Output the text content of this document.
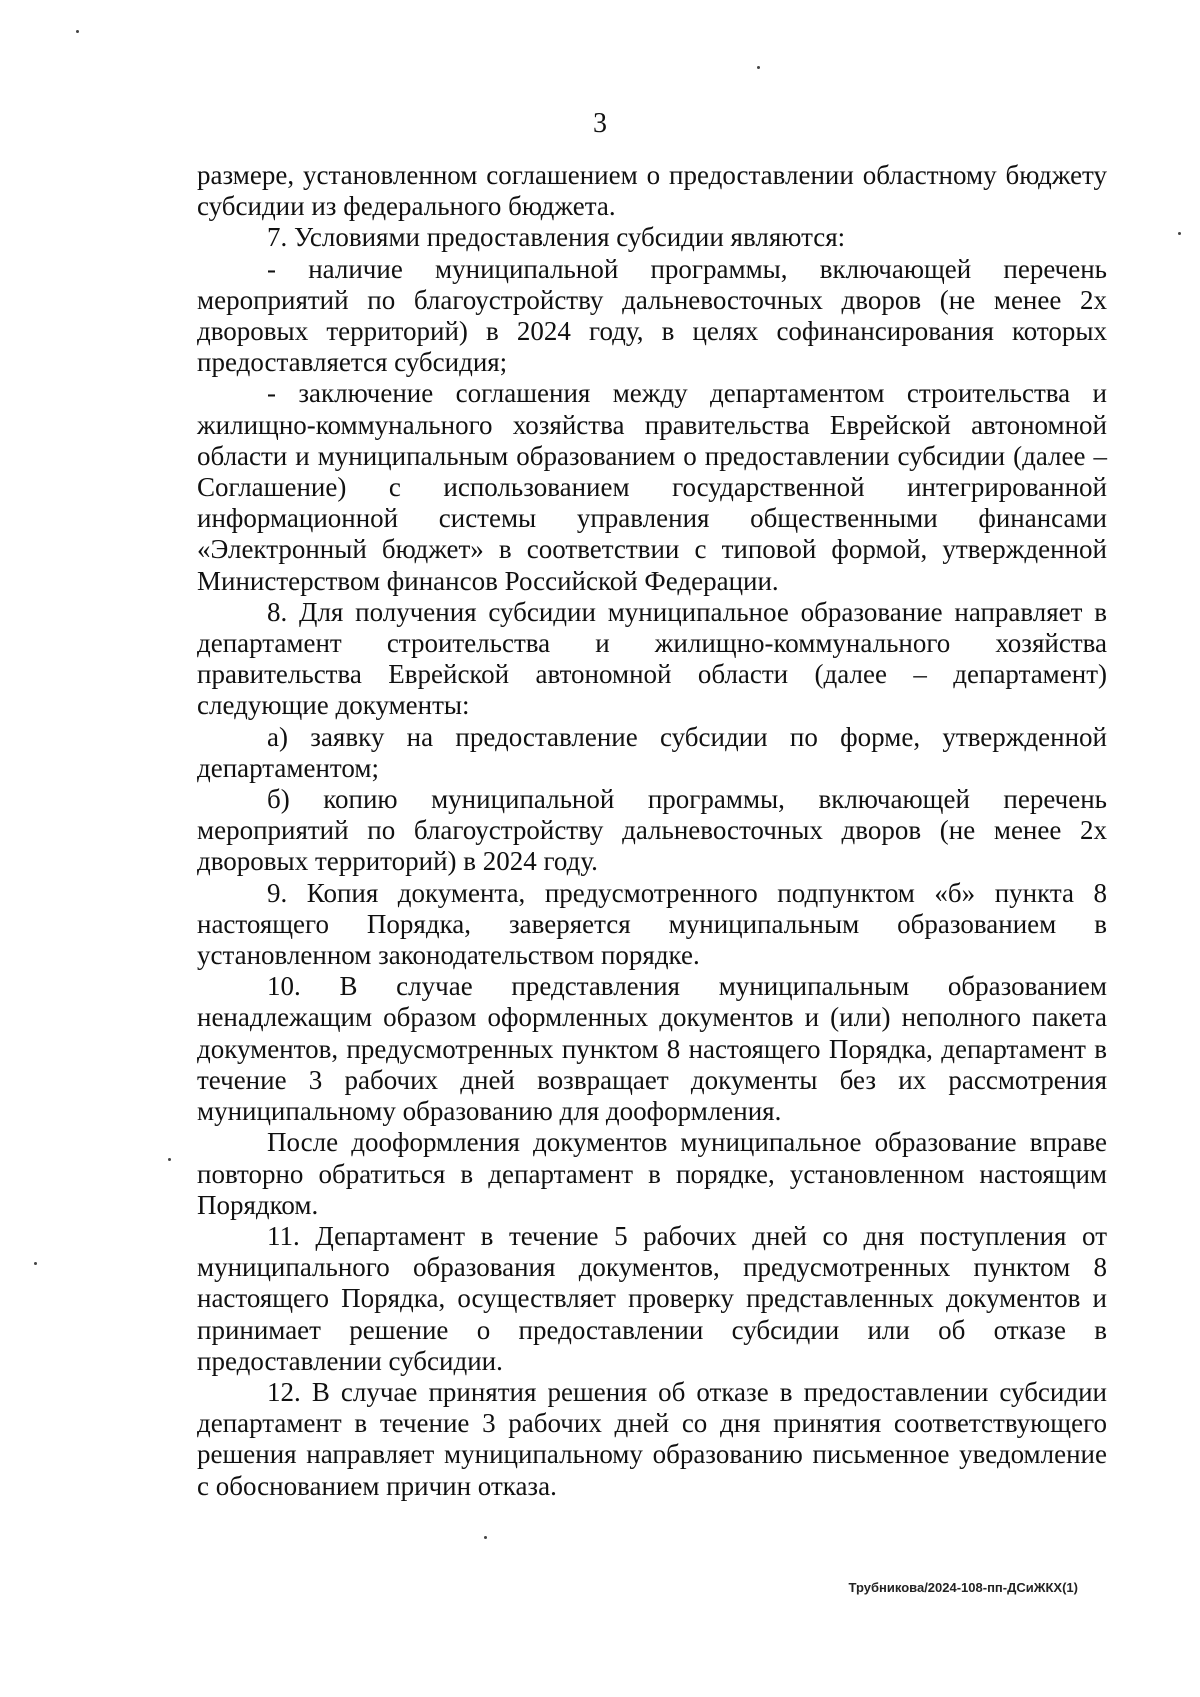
3

размере, установленном соглашением о предоставлении областному бюджету субсидии из федерального бюджета.

7. Условиями предоставления субсидии являются:

- наличие муниципальной программы, включающей перечень мероприятий по благоустройству дальневосточных дворов (не менее 2х дворовых территорий) в 2024 году, в целях софинансирования которых предоставляется субсидия;

- заключение соглашения между департаментом строительства и жилищно-коммунального хозяйства правительства Еврейской автономной области и муниципальным образованием о предоставлении субсидии (далее – Соглашение) с использованием государственной интегрированной информационной системы управления общественными финансами «Электронный бюджет» в соответствии с типовой формой, утвержденной Министерством финансов Российской Федерации.

8. Для получения субсидии муниципальное образование направляет в департамент строительства и жилищно-коммунального хозяйства правительства Еврейской автономной области (далее – департамент) следующие документы:

а) заявку на предоставление субсидии по форме, утвержденной департаментом;

б) копию муниципальной программы, включающей перечень мероприятий по благоустройству дальневосточных дворов (не менее 2х дворовых территорий) в 2024 году.

9. Копия документа, предусмотренного подпунктом «б» пункта 8 настоящего Порядка, заверяется муниципальным образованием в установленном законодательством порядке.

10. В случае представления муниципальным образованием ненадлежащим образом оформленных документов и (или) неполного пакета документов, предусмотренных пунктом 8 настоящего Порядка, департамент в течение 3 рабочих дней возвращает документы без их рассмотрения муниципальному образованию для дооформления.

После дооформления документов муниципальное образование вправе повторно обратиться в департамент в порядке, установленном настоящим Порядком.

11. Департамент в течение 5 рабочих дней со дня поступления от муниципального образования документов, предусмотренных пунктом 8 настоящего Порядка, осуществляет проверку представленных документов и принимает решение о предоставлении субсидии или об отказе в предоставлении субсидии.

12. В случае принятия решения об отказе в предоставлении субсидии департамент в течение 3 рабочих дней со дня принятия соответствующего решения направляет муниципальному образованию письменное уведомление с обоснованием причин отказа.

Трубникова/2024-108-пп-ДСиЖКХ(1)
